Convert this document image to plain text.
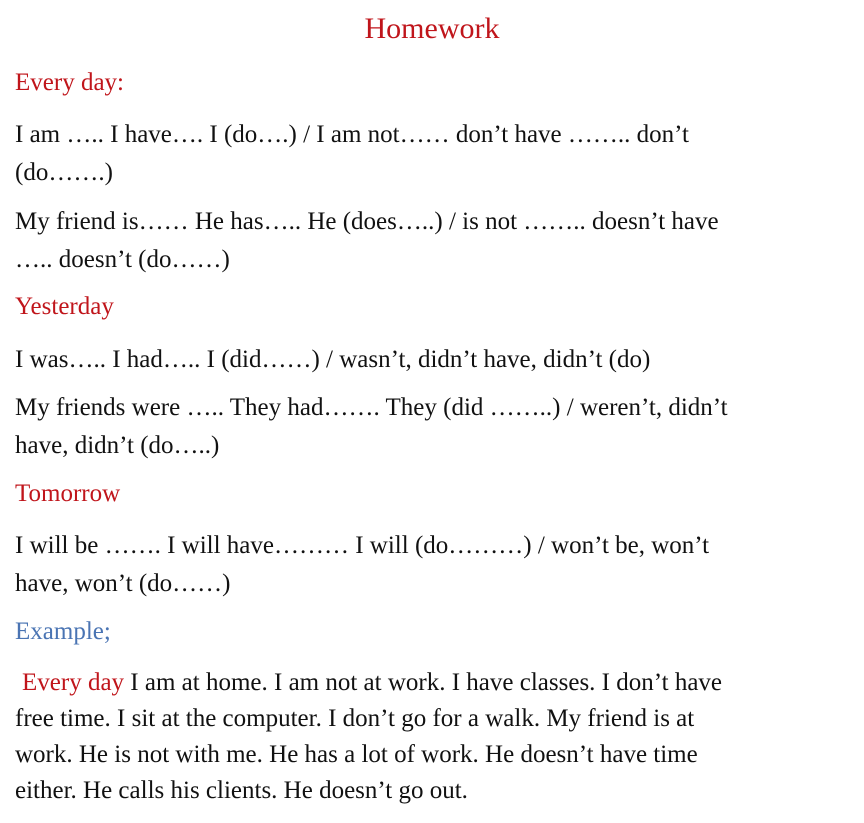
Homework
Every day:
I am ….. I have…. I (do….) / I am not…… don’t have …….. don’t
(do…….)
My friend is…… He has….. He (does…..) / is not …….. doesn’t have
….. doesn’t (do……)
Yesterday
I was….. I had….. I (did……) / wasn’t, didn’t have, didn’t (do)
My friends were ….. They had……. They (did ……..) / weren’t, didn’t
have, didn’t (do…..)
Tomorrow
I will be ……. I will have……… I will (do………) / won’t be, won’t
have, won’t (do……)
Example;
Every day I am at home. I am not at work. I have classes. I don’t have
free time. I sit at the computer. I don’t go for a walk. My friend is at
work. He is not with me. He has a lot of work. He doesn’t have time
either. He calls his clients. He doesn’t go out.
